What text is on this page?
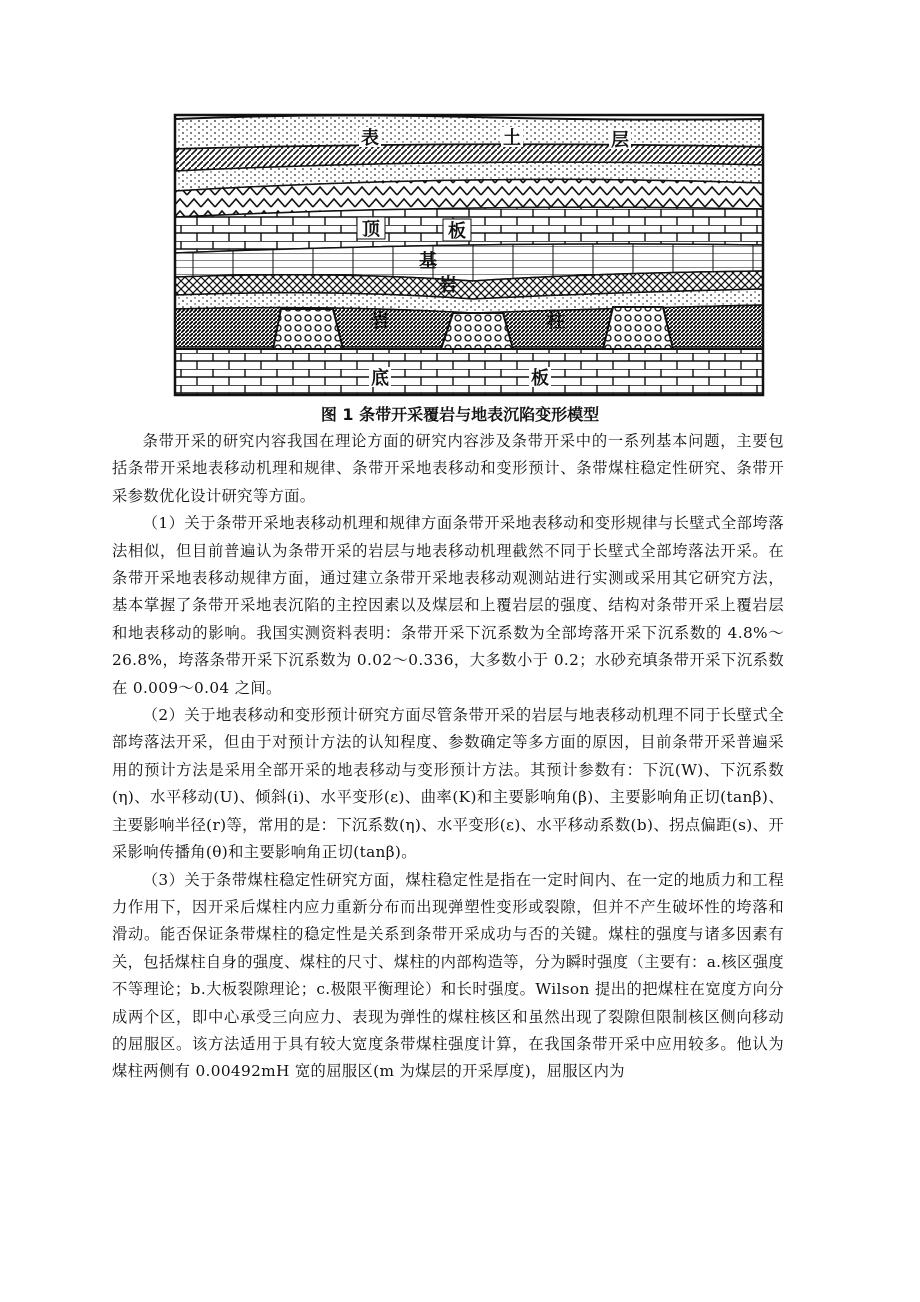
表	土	层
顶	板
基
岩
岩	柱
底	板
图 1 条带开采覆岩与地表沉陷变形模型

条带开采的研究内容我国在理论方面的研究内容涉及条带开采中的一系列基本问题，主要包括条带开采地表移动机理和规律、条带开采地表移动和变形预计、条带煤柱稳定性研究、条带开采参数优化设计研究等方面。

（1）关于条带开采地表移动机理和规律方面条带开采地表移动和变形规律与长壁式全部垮落法相似，但目前普遍认为条带开采的岩层与地表移动机理截然不同于长壁式全部垮落法开采。在条带开采地表移动规律方面，通过建立条带开采地表移动观测站进行实测或采用其它研究方法，基本掌握了条带开采地表沉陷的主控因素以及煤层和上覆岩层的强度、结构对条带开采上覆岩层和地表移动的影响。我国实测资料表明：条带开采下沉系数为全部垮落开采下沉系数的 4.8%～26.8%，垮落条带开采下沉系数为 0.02～0.336，大多数小于 0.2；水砂充填条带开采下沉系数在 0.009～0.04 之间。

（2）关于地表移动和变形预计研究方面尽管条带开采的岩层与地表移动机理不同于长壁式全部垮落法开采，但由于对预计方法的认知程度、参数确定等多方面的原因，目前条带开采普遍采用的预计方法是采用全部开采的地表移动与变形预计方法。其预计参数有：下沉(W)、下沉系数(η)、水平移动(U)、倾斜(i)、水平变形(ε)、曲率(K)和主要影响角(β)、主要影响角正切(tanβ)、主要影响半径(r)等，常用的是：下沉系数(η)、水平变形(ε)、水平移动系数(b)、拐点偏距(s)、开采影响传播角(θ)和主要影响角正切(tanβ)。

（3）关于条带煤柱稳定性研究方面，煤柱稳定性是指在一定时间内、在一定的地质力和工程力作用下，因开采后煤柱内应力重新分布而出现弹塑性变形或裂隙，但并不产生破坏性的垮落和滑动。能否保证条带煤柱的稳定性是关系到条带开采成功与否的关键。煤柱的强度与诸多因素有关，包括煤柱自身的强度、煤柱的尺寸、煤柱的内部构造等，分为瞬时强度（主要有：a.核区强度不等理论；b.大板裂隙理论；c.极限平衡理论）和长时强度。Wilson 提出的把煤柱在宽度方向分成两个区，即中心承受三向应力、表现为弹性的煤柱核区和虽然出现了裂隙但限制核区侧向移动的屈服区。该方法适用于具有较大宽度条带煤柱强度计算，在我国条带开采中应用较多。他认为煤柱两侧有 0.00492mH 宽的屈服区(m 为煤层的开采厚度)，屈服区内为
